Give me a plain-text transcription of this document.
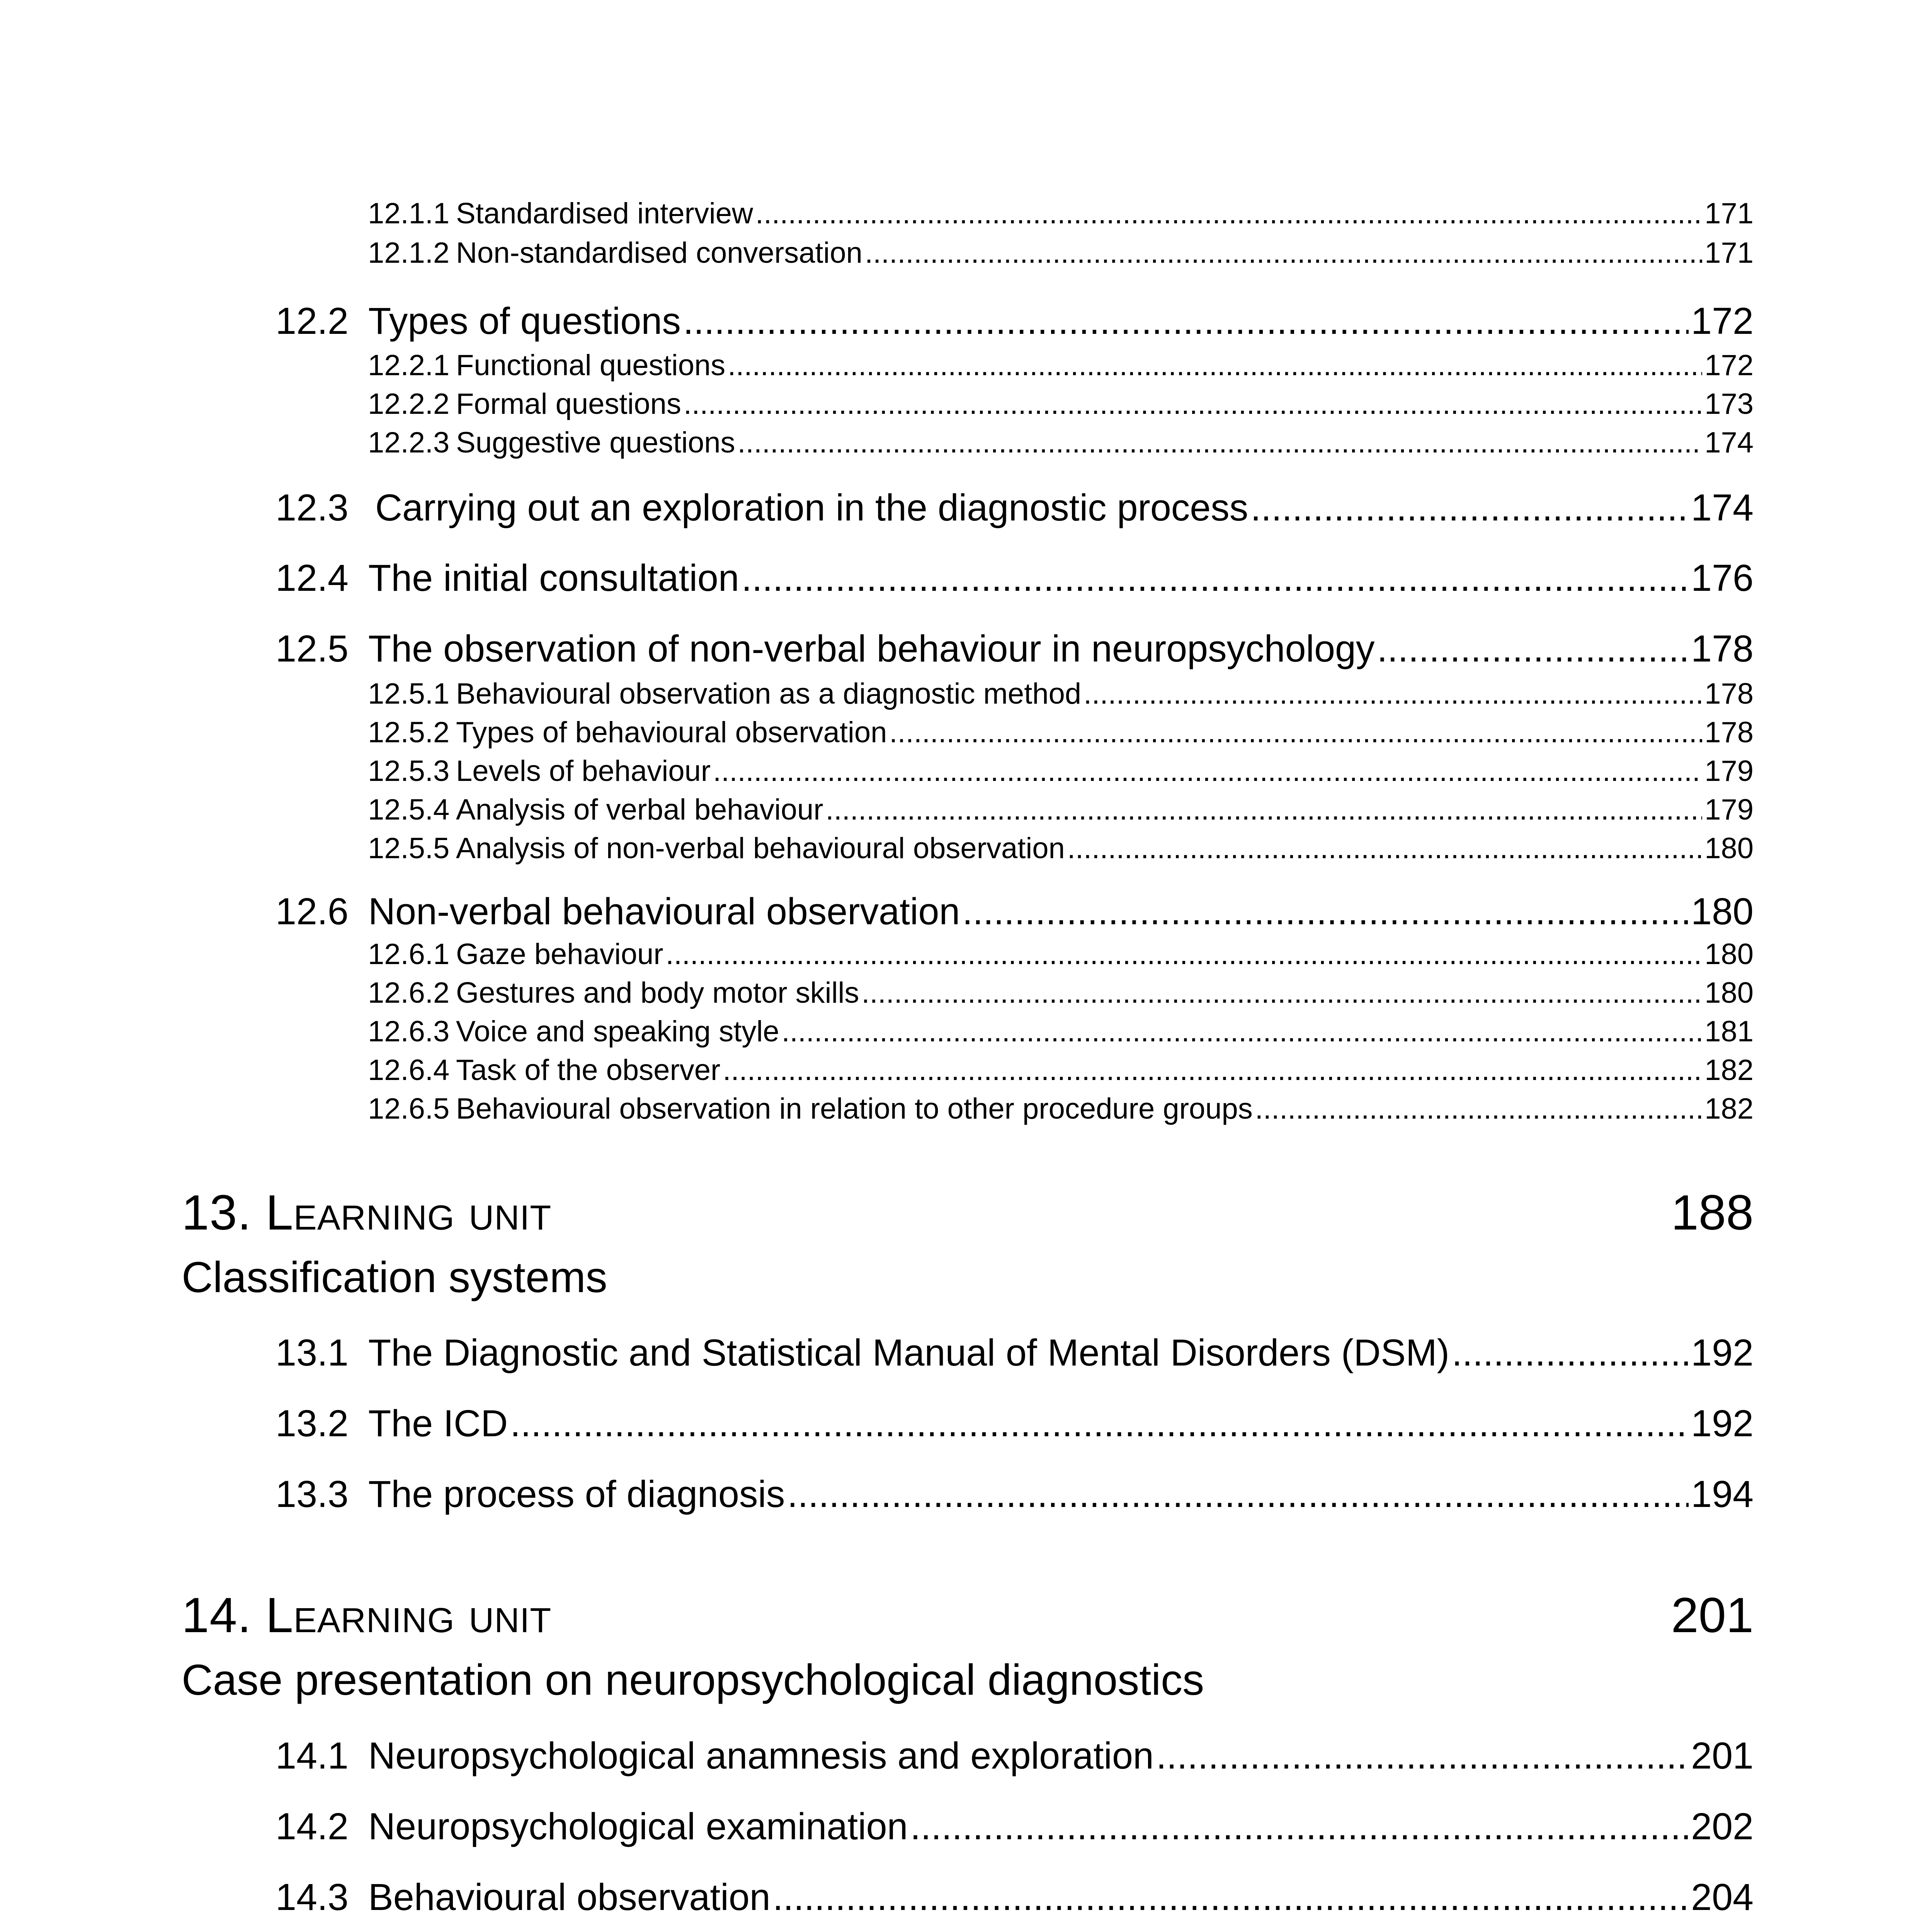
12.1.1 Standardised interview .....	171
12.1.2 Non-standardised conversation .....	171
12.2 Types of questions .....	172
12.2.1 Functional questions .....	172
12.2.2 Formal questions .....	173
12.2.3 Suggestive questions .....	174
12.3 Carrying out an exploration in the diagnostic process .....	174
12.4 The initial consultation .....	176
12.5 The observation of non-verbal behaviour in neuropsychology .....	178
12.5.1 Behavioural observation as a diagnostic method .....	178
12.5.2 Types of behavioural observation .....	178
12.5.3 Levels of behaviour .....	179
12.5.4 Analysis of verbal behaviour .....	179
12.5.5 Analysis of non-verbal behavioural observation .....	180
12.6 Non-verbal behavioural observation .....	180
12.6.1 Gaze behaviour .....	180
12.6.2 Gestures and body motor skills .....	180
12.6.3 Voice and speaking style .....	181
12.6.4 Task of the observer .....	182
12.6.5 Behavioural observation in relation to other procedure groups .....	182
13. Learning unit	188
Classification systems
13.1 The Diagnostic and Statistical Manual of Mental Disorders (DSM) .....	192
13.2 The ICD .....	192
13.3 The process of diagnosis .....	194
14. Learning unit	201
Case presentation on neuropsychological diagnostics
14.1 Neuropsychological anamnesis and exploration .....	201
14.2 Neuropsychological examination .....	202
14.3 Behavioural observation .....	204
